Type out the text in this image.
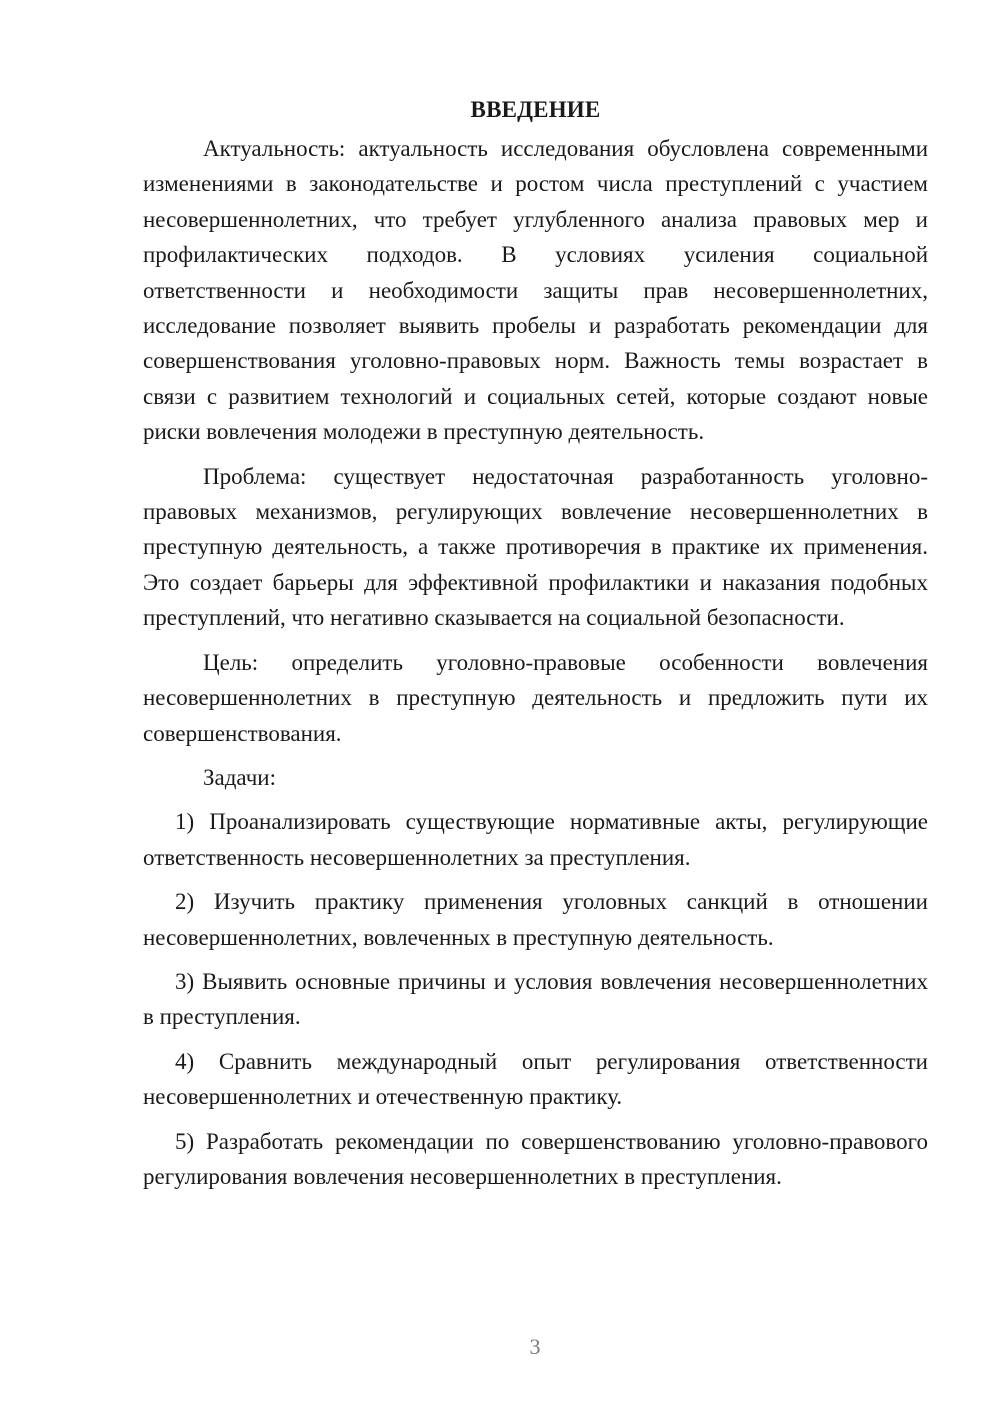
ВВЕДЕНИЕ

Актуальность: актуальность исследования обусловлена современными изменениями в законодательстве и ростом числа преступлений с участием несовершеннолетних, что требует углубленного анализа правовых мер и профилактических подходов. В условиях усиления социальной ответственности и необходимости защиты прав несовершеннолетних, исследование позволяет выявить пробелы и разработать рекомендации для совершенствования уголовно-правовых норм. Важность темы возрастает в связи с развитием технологий и социальных сетей, которые создают новые риски вовлечения молодежи в преступную деятельность.

Проблема: существует недостаточная разработанность уголовно-правовых механизмов, регулирующих вовлечение несовершеннолетних в преступную деятельность, а также противоречия в практике их применения. Это создает барьеры для эффективной профилактики и наказания подобных преступлений, что негативно сказывается на социальной безопасности.

Цель: определить уголовно-правовые особенности вовлечения несовершеннолетних в преступную деятельность и предложить пути их совершенствования.

Задачи:

1) Проанализировать существующие нормативные акты, регулирующие ответственность несовершеннолетних за преступления.

2) Изучить практику применения уголовных санкций в отношении несовершеннолетних, вовлеченных в преступную деятельность.

3) Выявить основные причины и условия вовлечения несовершеннолетних в преступления.

4) Сравнить международный опыт регулирования ответственности несовершеннолетних и отечественную практику.

5) Разработать рекомендации по совершенствованию уголовно-правового регулирования вовлечения несовершеннолетних в преступления.

3
